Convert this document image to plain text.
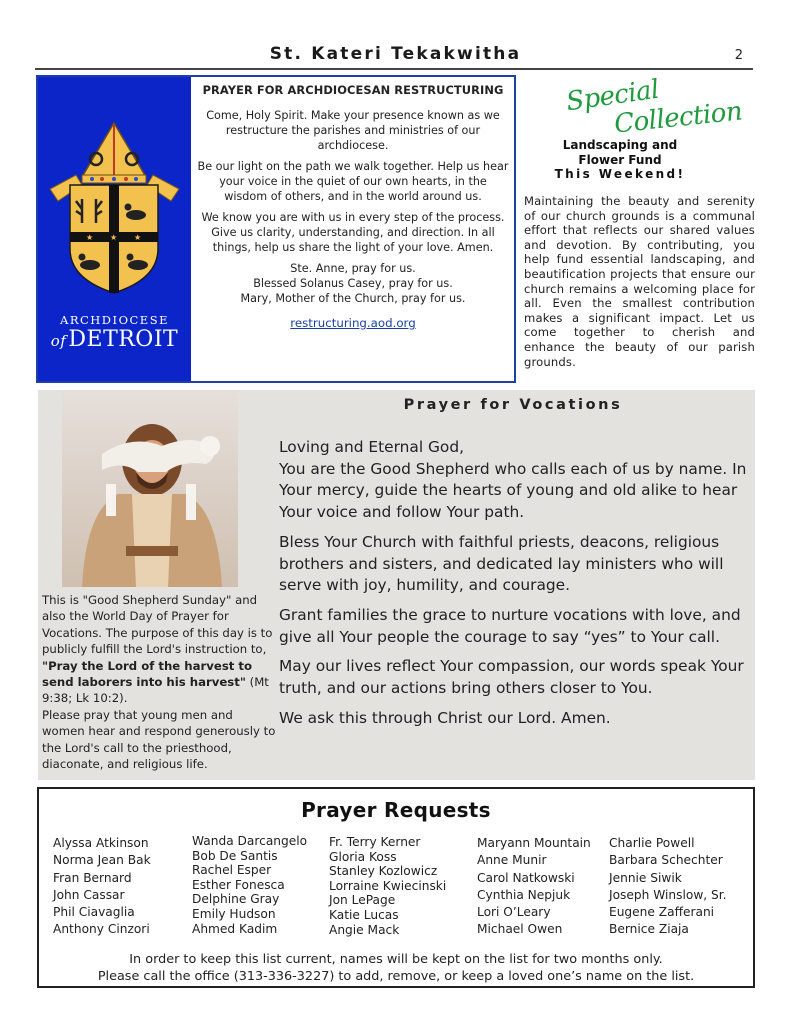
St. Kateri Tekakwitha	2
★ ★ ★
ARCHDIOCESE
ofDETROIT
PRAYER FOR ARCHDIOCESAN RESTRUCTURING

Come, Holy Spirit. Make your presence known as we restructure the parishes and ministries of our archdiocese.

Be our light on the path we walk together. Help us hear your voice in the quiet of our own hearts, in the wisdom of others, and in the world around us.

We know you are with us in every step of the process. Give us clarity, understanding, and direction. In all things, help us share the light of your love. Amen.

Ste. Anne, pray for us.
Blessed Solanus Casey, pray for us.
Mary, Mother of the Church, pray for us.

restructuring.aod.org
Special
Collection
Landscaping and
Flower Fund
This Weekend!
Maintaining the beauty and serenity of our church grounds is a communal effort that reflects our shared values and devotion. By contributing, you help fund essential landscaping, and beautification projects that ensure our church remains a welcoming place for all. Even the smallest contribution makes a significant impact. Let us come together to cherish and enhance the beauty of our parish grounds.
This is "Good Shepherd Sunday" and also the World Day of Prayer for Vocations. The purpose of this day is to publicly fulfill the Lord's instruction to, "Pray the Lord of the harvest to send laborers into his harvest" (Mt 9:38; Lk 10:2).
Please pray that young men and women hear and respond generously to the Lord's call to the priesthood, diaconate, and religious life.
Prayer for Vocations

Loving and Eternal God,
You are the Good Shepherd who calls each of us by name. In Your mercy, guide the hearts of young and old alike to hear Your voice and follow Your path.

Bless Your Church with faithful priests, deacons, religious brothers and sisters, and dedicated lay ministers who will serve with joy, humility, and courage.

Grant families the grace to nurture vocations with love, and give all Your people the courage to say “yes” to Your call.

May our lives reflect Your compassion, our words speak Your truth, and our actions bring others closer to You.

We ask this through Christ our Lord. Amen.

Prayer Requests
Alyssa Atkinson
Norma Jean Bak
Fran Bernard
John Cassar
Phil Ciavaglia
Anthony Cinzori
Wanda Darcangelo
Bob De Santis
Rachel Esper
Esther Fonesca
Delphine Gray
Emily Hudson
Ahmed Kadim
Fr. Terry Kerner
Gloria Koss
Stanley Kozlowicz
Lorraine Kwiecinski
Jon LePage
Katie Lucas
Angie Mack
Maryann Mountain
Anne Munir
Carol Natkowski
Cynthia Nepjuk
Lori O’Leary
Michael Owen
Charlie Powell
Barbara Schechter
Jennie Siwik
Joseph Winslow, Sr.
Eugene Zafferani
Bernice Ziaja
In order to keep this list current, names will be kept on the list for two months only.
Please call the office (313-336-3227) to add, remove, or keep a loved one’s name on the list.
